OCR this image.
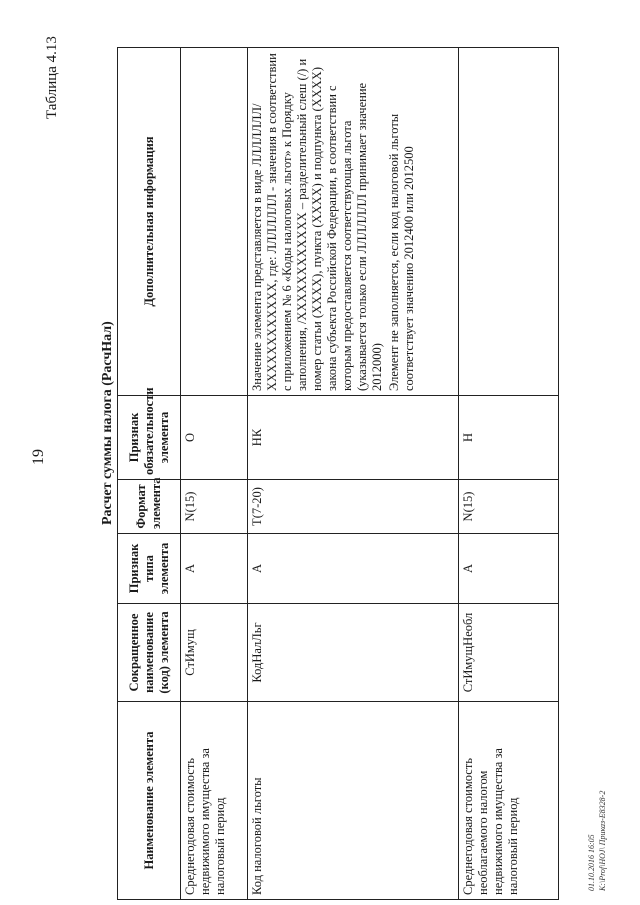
19
Таблица 4.13
Расчет суммы налога (РасчНал)
Наименование элемента	Сокращенное наименование (код) элемента	Признак типа элемента	Формат элемента	Признак обязательности элемента	Дополнительная информация
Среднегодовая стоимость недвижимого имущества за налоговый период	СтИмущ	А	N(15)	О	
Код налоговой льготы	КодНалЛьг	А	T(7-20)	НК	Значение элемента представляется в виде ЛЛЛЛЛЛЛ/ХХХХХХХХХХХХ, где: ЛЛЛЛЛЛЛ - значения в соответствии с приложением № 6 «Коды налоговых льгот» к Порядку заполнения, /ХХХХХХХХХХХХ – разделительный слеш (/) и номер статьи (ХХХХ), пункта (ХХХХ) и подпункта (ХХХХ) закона субъекта Российской Федерации, в соответствии с которым предоставляется соответствующая льгота (указывается только если ЛЛЛЛЛЛЛ принимает значение 2012000) Элемент не заполняется, если код налоговой льготы соответствует значению 2012400 или 2012500

Среднегодовая стоимость необлагаемого налогом недвижимого имущества за налоговый период	СтИмущНеобл	А	N(15)	Н	
01.10.2016 16:05 К:\Prof\HOJ\ Приказ-Е8328-2
